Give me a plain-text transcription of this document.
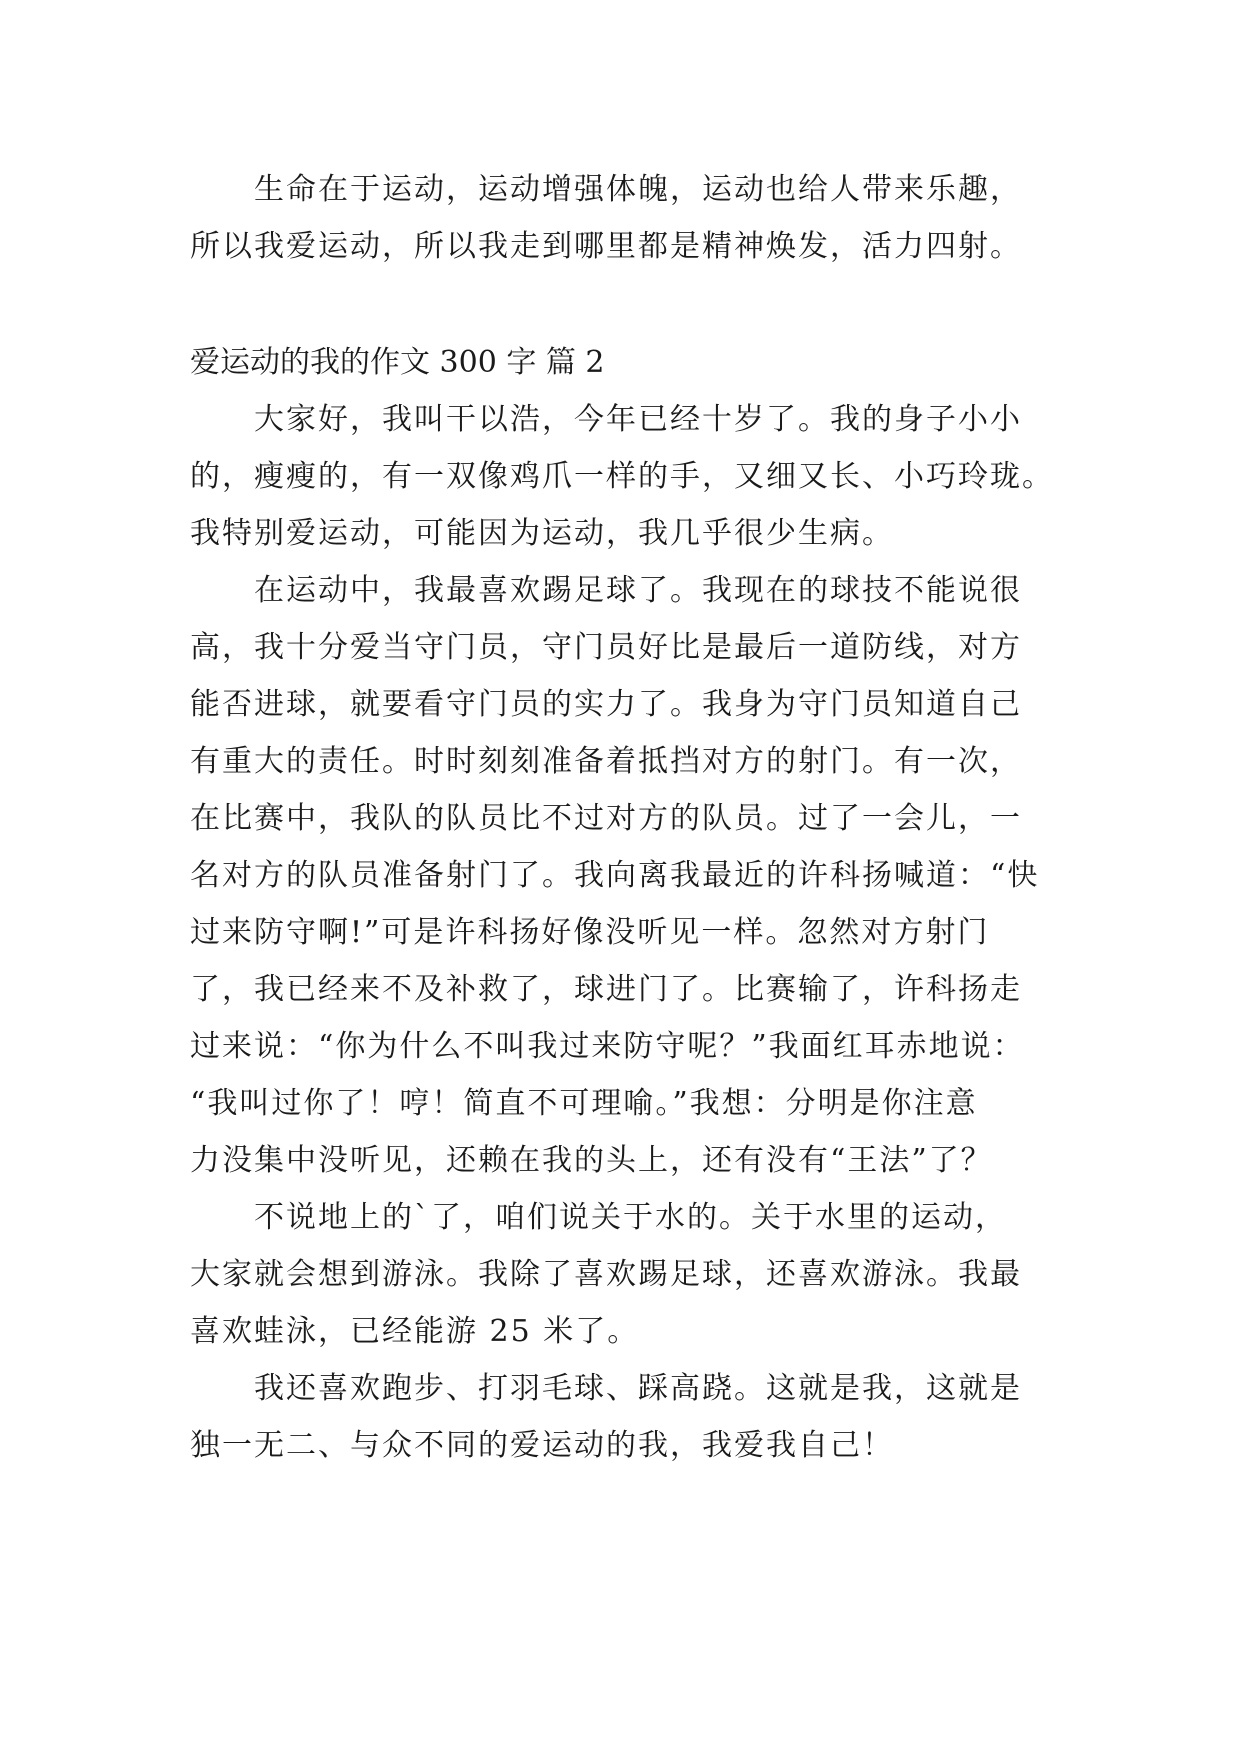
生命在于运动，运动增强体魄，运动也给人带来乐趣，
所以我爱运动，所以我走到哪里都是精神焕发，活力四射。
爱运动的我的作文 300 字 篇 2
大家好，我叫干以浩，今年已经十岁了。我的身子小小
的，瘦瘦的，有一双像鸡爪一样的手，又细又长、小巧玲珑。
我特别爱运动，可能因为运动，我几乎很少生病。
在运动中，我最喜欢踢足球了。我现在的球技不能说很
高，我十分爱当守门员，守门员好比是最后一道防线，对方
能否进球，就要看守门员的实力了。我身为守门员知道自己
有重大的责任。时时刻刻准备着抵挡对方的射门。有一次，
在比赛中，我队的队员比不过对方的队员。过了一会儿，一
名对方的队员准备射门了。我向离我最近的许科扬喊道：“快
过来防守啊!”可是许科扬好像没听见一样。忽然对方射门
了，我已经来不及补救了，球进门了。比赛输了，许科扬走
过来说：“你为什么不叫我过来防守呢？”我面红耳赤地说：
“我叫过你了！哼！简直不可理喻。”我想：分明是你注意
力没集中没听见，还赖在我的头上，还有没有“王法”了？
不说地上的`了，咱们说关于水的。关于水里的运动，
大家就会想到游泳。我除了喜欢踢足球，还喜欢游泳。我最
喜欢蛙泳，已经能游 25 米了。
我还喜欢跑步、打羽毛球、踩高跷。这就是我，这就是
独一无二、与众不同的爱运动的我，我爱我自己！
